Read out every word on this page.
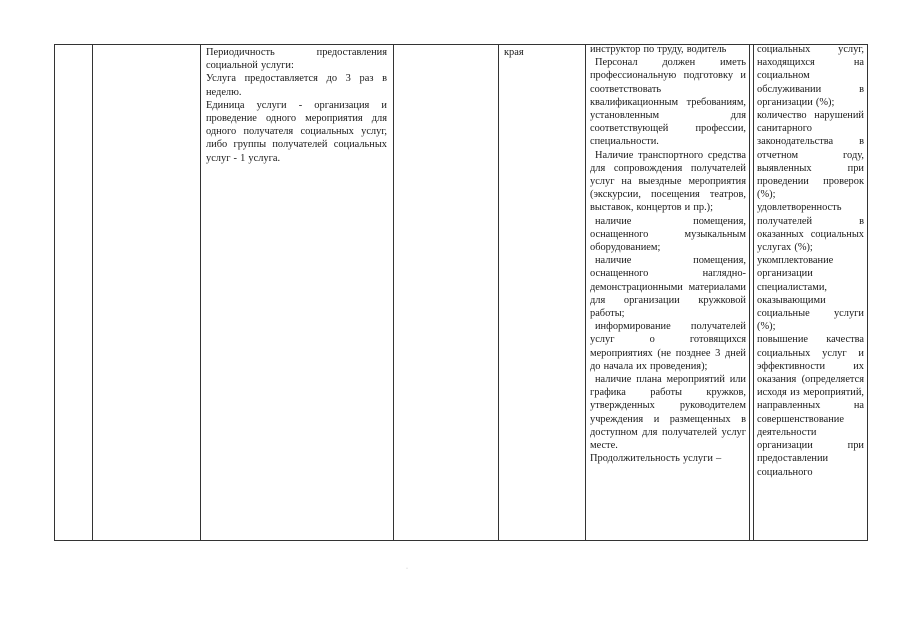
Периодичность предоставления социальной услуги:

Услуга предоставляется до 3 раз в неделю.

Единица услуги - организация и проведение одного мероприятия для одного получателя социальных услуг, либо группы получателей социальных услуг - 1 услуга.

края	инструктор по труду, водитель

Персонал должен иметь профессиональную подготовку и соответствовать квалификационным требованиям, установленным для соответствующей профессии, специальности.

Наличие транспортного средства для сопровождения получателей услуг на выездные мероприятия (экскурсии, посещения театров, выставок, концертов и пр.);

наличие помещения, оснащенного музыкальным оборудованием;

наличие помещения, оснащенного наглядно-демонстрационными материалами для организации кружковой работы;

информирование получателей услуг о готовящихся мероприятиях (не позднее 3 дней до начала их проведения);

наличие плана мероприятий или графика работы кружков, утвержденных руководителем учреждения и размещенных в доступном для получателей услуг месте.

Продолжительность услуги –

социальных услуг, находящихся на социальном обслуживании в организации (%);

количество нарушений санитарного законодательства в отчетном году, выявленных при проведении проверок (%);

удовлетворенность получателей в оказанных социальных услугах (%);

укомплектование организации специалистами, оказывающими социальные услуги (%);

повышение качества социальных услуг и эффективности их оказания (определяется исходя из мероприятий, направленных на совершенствование деятельности организации при предоставлении социального

·
